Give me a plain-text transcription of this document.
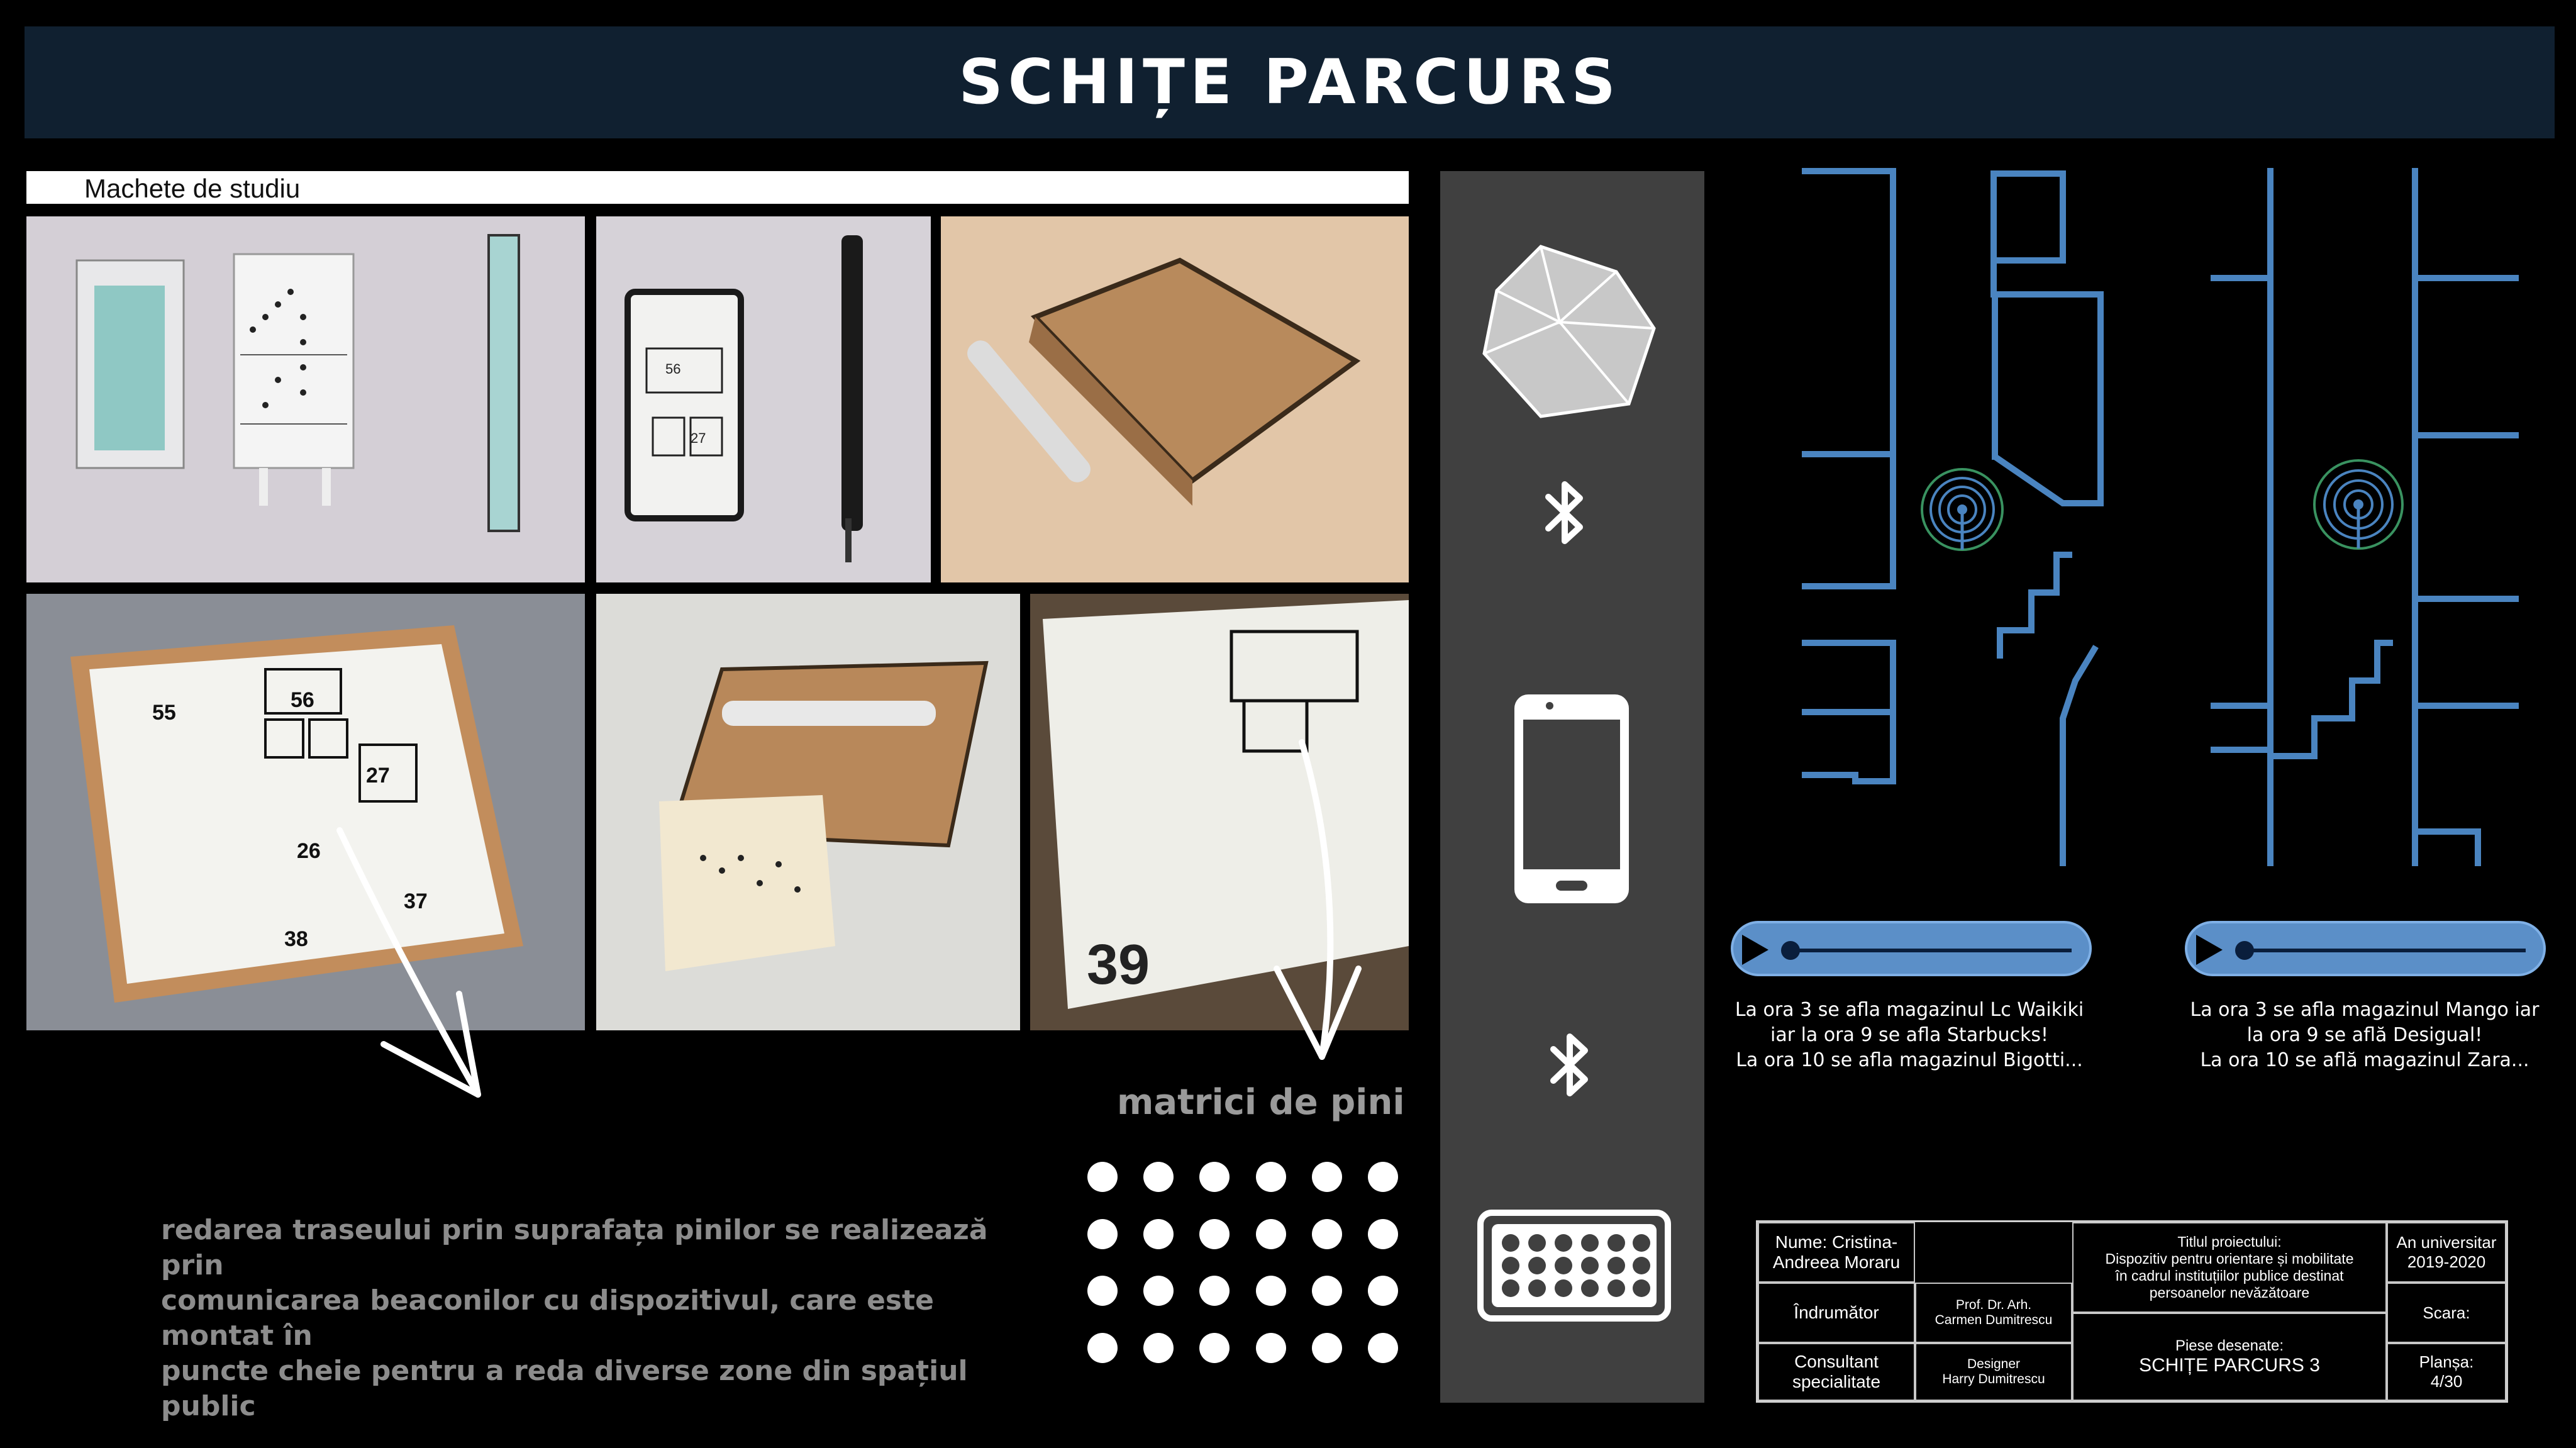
SCHIȚE PARCURS
Machete de studiu
56
27
55
56
27
26
38
37
39
matrici de pini
redarea traseului prin suprafața pinilor se realizează prin
comunicarea beaconilor cu dispozitivul, care este montat în
puncte cheie pentru a reda diverse zone din spațiul public
La ora 3 se afla magazinul Lc Waikiki
iar la ora 9 se afla Starbucks!
La ora 10 se afla magazinul Bigotti...
La ora 3 se afla magazinul Mango iar
la ora 9 se află Desigual!
La ora 10 se află magazinul Zara...
Nume: Cristina-Andreea Moraru
Îndrumător
Consultant
specialitate
Prof. Dr. Arh.
Carmen Dumitrescu
Designer
Harry Dumitrescu
Titlul proiectului:
Dispozitiv pentru orientare și mobilitate
în cadrul instituțiilor publice destinat
persoanelor nevăzătoare
Piese desenate:
SCHIȚE PARCURS 3
An universitar
2019-2020
Scara:
Planșa:
4/30
